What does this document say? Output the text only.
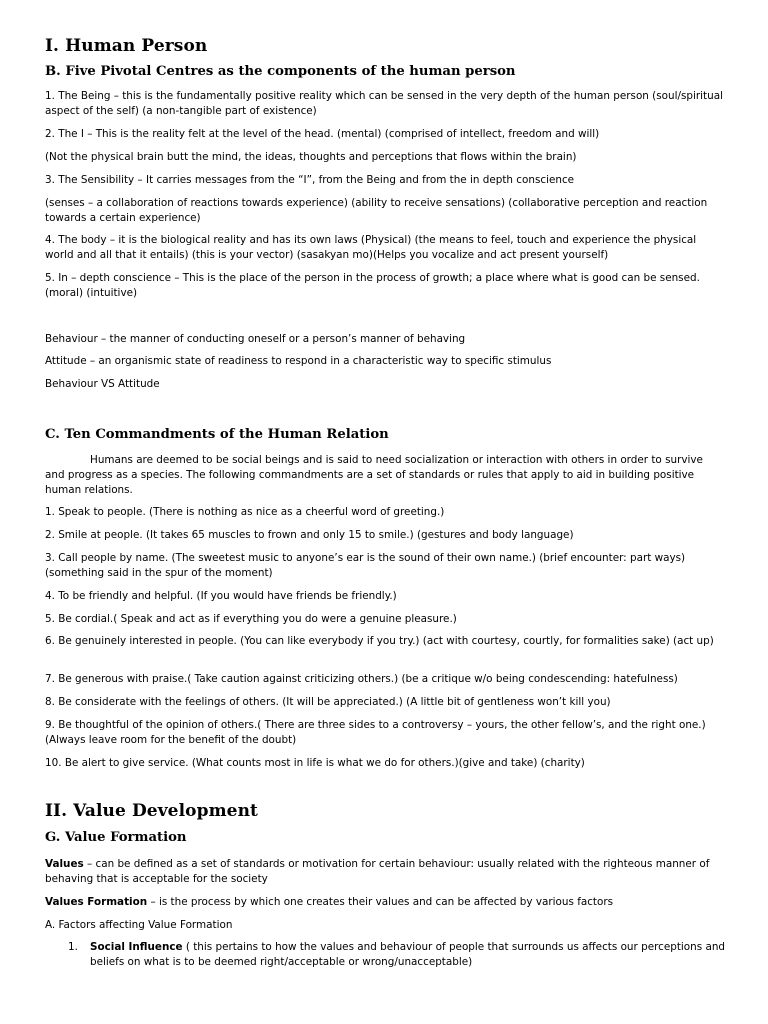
I. Human Person
B. Five Pivotal Centres as the components of the human person
1. The Being – this is the fundamentally positive reality which can be sensed in the very depth of the human person (soul/spiritual aspect of the self) (a non-tangible part of existence)
2. The I – This is the reality felt at the level of the head. (mental) (comprised of intellect, freedom and will)
(Not the physical brain butt the mind, the ideas, thoughts and perceptions that flows within the brain)
3. The Sensibility – It carries messages from the “I”, from the Being and from the in depth conscience
(senses – a collaboration of reactions towards experience) (ability to receive sensations) (collaborative perception and reaction towards a certain experience)
4. The body – it is the biological reality and has its own laws (Physical) (the means to feel, touch and experience the physical world and all that it entails) (this is your vector) (sasakyan mo)(Helps you vocalize and act present yourself)
5. In – depth conscience – This is the place of the person in the process of growth; a place where what is good can be sensed. (moral) (intuitive)
Behaviour – the manner of conducting oneself or a person’s manner of behaving
Attitude – an organismic state of readiness to respond in a characteristic way to specific stimulus
Behaviour VS Attitude
C. Ten Commandments of the Human Relation
Humans are deemed to be social beings and is said to need socialization or interaction with others in order to survive and progress as a species. The following commandments are a set of standards or rules that apply to aid in building positive human relations.
1. Speak to people. (There is nothing as nice as a cheerful word of greeting.)
2. Smile at people. (It takes 65 muscles to frown and only 15 to smile.) (gestures and body language)
3. Call people by name. (The sweetest music to anyone’s ear is the sound of their own name.) (brief encounter: part ways) (something said in the spur of the moment)
4. To be friendly and helpful. (If you would have friends be friendly.)
5. Be cordial.( Speak and act as if everything you do were a genuine pleasure.)
6. Be genuinely interested in people. (You can like everybody if you try.) (act with courtesy, courtly, for formalities sake) (act up)
7. Be generous with praise.( Take caution against criticizing others.) (be a critique w/o being condescending: hatefulness)
8. Be considerate with the feelings of others. (It will be appreciated.) (A little bit of gentleness won’t kill you)
9. Be thoughtful of the opinion of others.( There are three sides to a controversy – yours, the other fellow’s, and the right one.) (Always leave room for the benefit of the doubt)
10. Be alert to give service. (What counts most in life is what we do for others.)(give and take) (charity)
II. Value Development
G. Value Formation
Values – can be defined as a set of standards or motivation for certain behaviour: usually related with the righteous manner of behaving that is acceptable for the society
Values Formation – is the process by which one creates their values and can be affected by various factors
A. Factors affecting Value Formation
1. Social Influence ( this pertains to how the values and behaviour of people that surrounds us affects our perceptions and beliefs on what is to be deemed right/acceptable or wrong/unacceptable)
